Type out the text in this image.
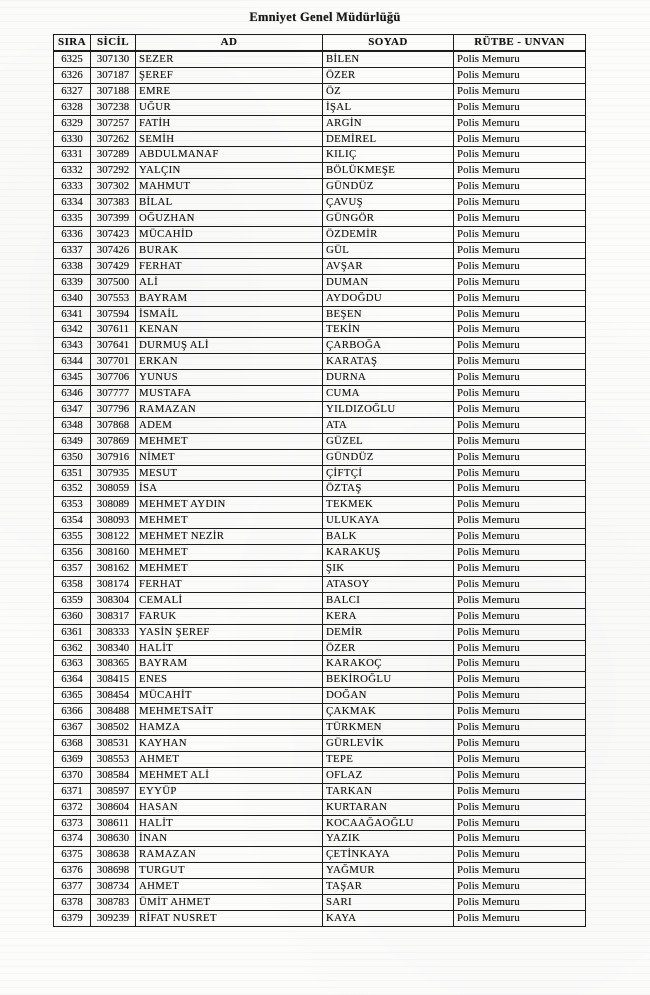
Emniyet Genel Müdürlüğü
SIRA	SİCİL	AD	SOYAD	RÜTBE - UNVAN
6325	307130	SEZER	BİLEN	Polis Memuru
6326	307187	ŞEREF	ÖZER	Polis Memuru
6327	307188	EMRE	ÖZ	Polis Memuru
6328	307238	UĞUR	İŞAL	Polis Memuru
6329	307257	FATİH	ARGİN	Polis Memuru
6330	307262	SEMİH	DEMİREL	Polis Memuru
6331	307289	ABDULMANAF	KILIÇ	Polis Memuru
6332	307292	YALÇIN	BÖLÜKMEŞE	Polis Memuru
6333	307302	MAHMUT	GÜNDÜZ	Polis Memuru
6334	307383	BİLAL	ÇAVUŞ	Polis Memuru
6335	307399	OĞUZHAN	GÜNGÖR	Polis Memuru
6336	307423	MÜCAHİD	ÖZDEMİR	Polis Memuru
6337	307426	BURAK	GÜL	Polis Memuru
6338	307429	FERHAT	AVŞAR	Polis Memuru
6339	307500	ALİ	DUMAN	Polis Memuru
6340	307553	BAYRAM	AYDOĞDU	Polis Memuru
6341	307594	İSMAİL	BEŞEN	Polis Memuru
6342	307611	KENAN	TEKİN	Polis Memuru
6343	307641	DURMUŞ ALİ	ÇARBOĞA	Polis Memuru
6344	307701	ERKAN	KARATAŞ	Polis Memuru
6345	307706	YUNUS	DURNA	Polis Memuru
6346	307777	MUSTAFA	CUMA	Polis Memuru
6347	307796	RAMAZAN	YILDIZOĞLU	Polis Memuru
6348	307868	ADEM	ATA	Polis Memuru
6349	307869	MEHMET	GÜZEL	Polis Memuru
6350	307916	NİMET	GÜNDÜZ	Polis Memuru
6351	307935	MESUT	ÇİFTÇİ	Polis Memuru
6352	308059	İSA	ÖZTAŞ	Polis Memuru
6353	308089	MEHMET AYDIN	TEKMEK	Polis Memuru
6354	308093	MEHMET	ULUKAYA	Polis Memuru
6355	308122	MEHMET NEZİR	BALK	Polis Memuru
6356	308160	MEHMET	KARAKUŞ	Polis Memuru
6357	308162	MEHMET	ŞIK	Polis Memuru
6358	308174	FERHAT	ATASOY	Polis Memuru
6359	308304	CEMALİ	BALCI	Polis Memuru
6360	308317	FARUK	KERA	Polis Memuru
6361	308333	YASİN ŞEREF	DEMİR	Polis Memuru
6362	308340	HALİT	ÖZER	Polis Memuru
6363	308365	BAYRAM	KARAKOÇ	Polis Memuru
6364	308415	ENES	BEKİROĞLU	Polis Memuru
6365	308454	MÜCAHİT	DOĞAN	Polis Memuru
6366	308488	MEHMETSAİT	ÇAKMAK	Polis Memuru
6367	308502	HAMZA	TÜRKMEN	Polis Memuru
6368	308531	KAYHAN	GÜRLEVİK	Polis Memuru
6369	308553	AHMET	TEPE	Polis Memuru
6370	308584	MEHMET ALİ	OFLAZ	Polis Memuru
6371	308597	EYYÜP	TARKAN	Polis Memuru
6372	308604	HASAN	KURTARAN	Polis Memuru
6373	308611	HALİT	KOCAAĞAOĞLU	Polis Memuru
6374	308630	İNAN	YAZIK	Polis Memuru
6375	308638	RAMAZAN	ÇETİNKAYA	Polis Memuru
6376	308698	TURGUT	YAĞMUR	Polis Memuru
6377	308734	AHMET	TAŞAR	Polis Memuru
6378	308783	ÜMİT AHMET	SARI	Polis Memuru
6379	309239	RİFAT NUSRET	KAYA	Polis Memuru
